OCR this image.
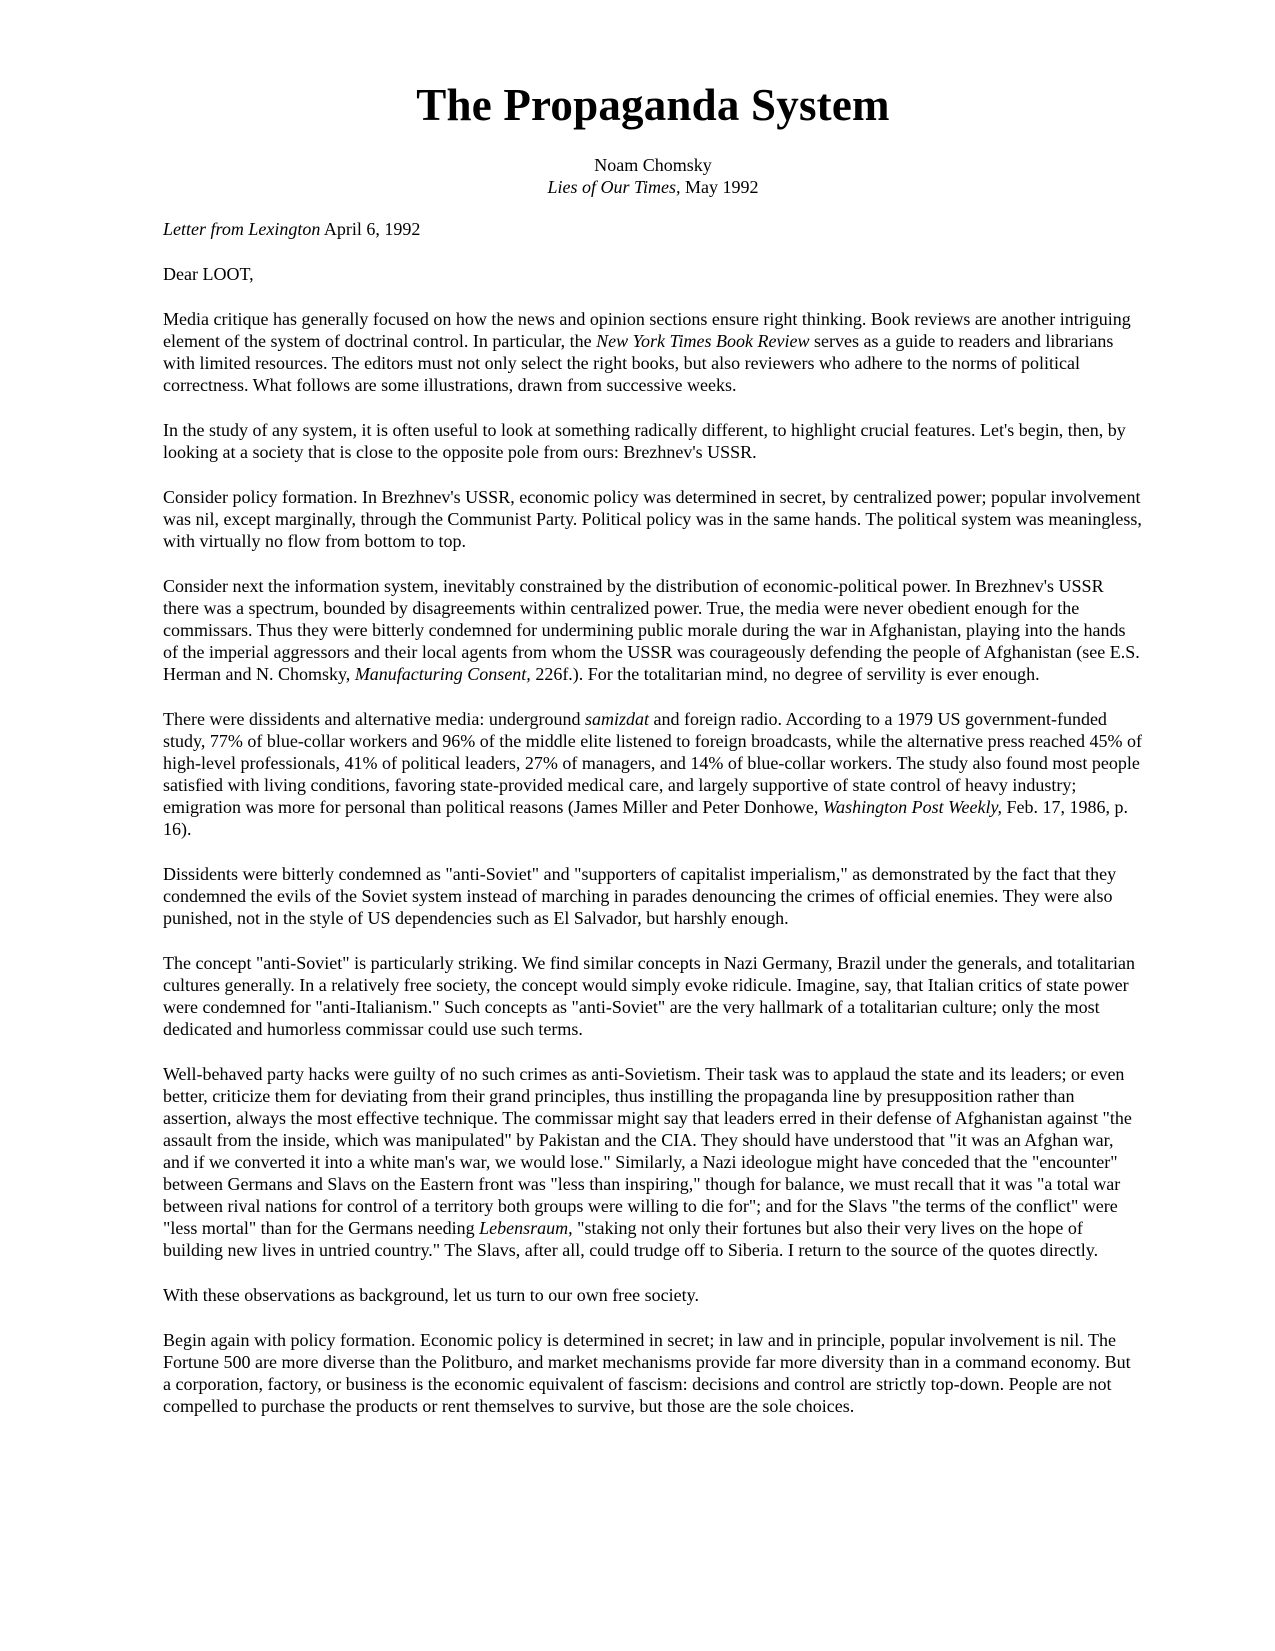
The Propaganda System
Noam Chomsky
Lies of Our Times, May 1992

Letter from Lexington April 6, 1992

Dear LOOT,

Media critique has generally focused on how the news and opinion sections ensure right thinking. Book reviews are another intriguing element of the system of doctrinal control. In particular, the New York Times Book Review serves as a guide to readers and librarians with limited resources. The editors must not only select the right books, but also reviewers who adhere to the norms of political correctness. What follows are some illustrations, drawn from successive weeks.

In the study of any system, it is often useful to look at something radically different, to highlight crucial features. Let's begin, then, by looking at a society that is close to the opposite pole from ours: Brezhnev's USSR.

Consider policy formation. In Brezhnev's USSR, economic policy was determined in secret, by centralized power; popular involvement was nil, except marginally, through the Communist Party. Political policy was in the same hands. The political system was meaningless, with virtually no flow from bottom to top.

Consider next the information system, inevitably constrained by the distribution of economic-political power. In Brezhnev's USSR there was a spectrum, bounded by disagreements within centralized power. True, the media were never obedient enough for the commissars. Thus they were bitterly condemned for undermining public morale during the war in Afghanistan, playing into the hands of the imperial aggressors and their local agents from whom the USSR was courageously defending the people of Afghanistan (see E.S. Herman and N. Chomsky, Manufacturing Consent, 226f.). For the totalitarian mind, no degree of servility is ever enough.

There were dissidents and alternative media: underground samizdat and foreign radio. According to a 1979 US government-funded study, 77% of blue-collar workers and 96% of the middle elite listened to foreign broadcasts, while the alternative press reached 45% of high-level professionals, 41% of political leaders, 27% of managers, and 14% of blue-collar workers. The study also found most people satisfied with living conditions, favoring state-provided medical care, and largely supportive of state control of heavy industry; emigration was more for personal than political reasons (James Miller and Peter Donhowe, Washington Post Weekly, Feb. 17, 1986, p. 16).

Dissidents were bitterly condemned as "anti-Soviet" and "supporters of capitalist imperialism," as demonstrated by the fact that they condemned the evils of the Soviet system instead of marching in parades denouncing the crimes of official enemies. They were also punished, not in the style of US dependencies such as El Salvador, but harshly enough.

The concept "anti-Soviet" is particularly striking. We find similar concepts in Nazi Germany, Brazil under the generals, and totalitarian cultures generally. In a relatively free society, the concept would simply evoke ridicule. Imagine, say, that Italian critics of state power were condemned for "anti-Italianism." Such concepts as "anti-Soviet" are the very hallmark of a totalitarian culture; only the most dedicated and humorless commissar could use such terms.

Well-behaved party hacks were guilty of no such crimes as anti-Sovietism. Their task was to applaud the state and its leaders; or even better, criticize them for deviating from their grand principles, thus instilling the propaganda line by presupposition rather than assertion, always the most effective technique. The commissar might say that leaders erred in their defense of Afghanistan against "the assault from the inside, which was manipulated" by Pakistan and the CIA. They should have understood that "it was an Afghan war, and if we converted it into a white man's war, we would lose." Similarly, a Nazi ideologue might have conceded that the "encounter" between Germans and Slavs on the Eastern front was "less than inspiring," though for balance, we must recall that it was "a total war between rival nations for control of a territory both groups were willing to die for"; and for the Slavs "the terms of the conflict" were "less mortal" than for the Germans needing Lebensraum, "staking not only their fortunes but also their very lives on the hope of building new lives in untried country." The Slavs, after all, could trudge off to Siberia. I return to the source of the quotes directly.

With these observations as background, let us turn to our own free society.

Begin again with policy formation. Economic policy is determined in secret; in law and in principle, popular involvement is nil. The Fortune 500 are more diverse than the Politburo, and market mechanisms provide far more diversity than in a command economy. But a corporation, factory, or business is the economic equivalent of fascism: decisions and control are strictly top-down. People are not compelled to purchase the products or rent themselves to survive, but those are the sole choices.
